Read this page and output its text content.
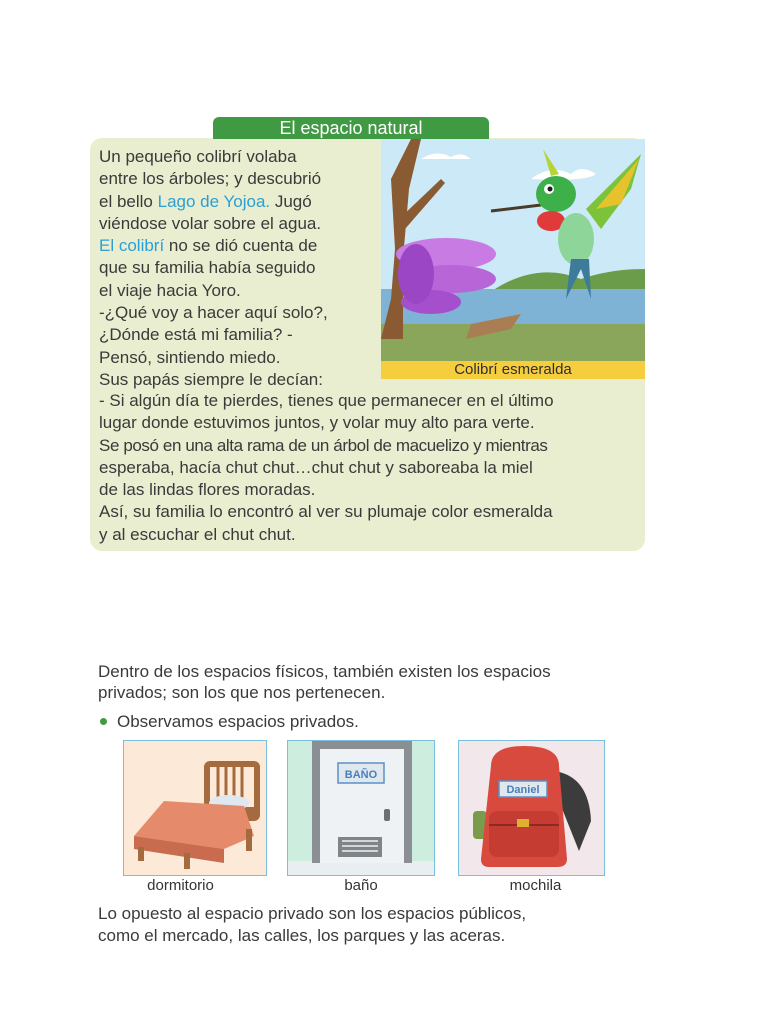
El espacio natural

Un pequeño colibrí volaba

entre los árboles; y descubrió

el bello Lago de Yojoa. Jugó

viéndose volar sobre el agua.

El colibrí no se dió cuenta de

que su familia había seguido

el viaje hacia Yoro.

-¿Qué voy a hacer aquí solo?,

¿Dónde está mi familia? -

Pensó, sintiendo miedo.

Sus papás siempre le decían:

- Si algún día te pierdes, tienes que permanecer en el último

lugar donde estuvimos juntos, y volar muy alto para verte.

Se posó en una alta rama de un árbol de macuelizo y mientras

esperaba, hacía chut chut…chut chut y saboreaba la miel

de las lindas flores moradas.

Así, su familia lo encontró al ver su plumaje color esmeralda

y al escuchar el chut chut.

Colibrí esmeralda

Dentro de los espacios físicos, también existen los espacios

privados; son los que nos pertenecen.

Observamos espacios privados.
dormitorio
BAÑO
baño
Daniel
mochila

Lo opuesto al espacio privado son los espacios públicos,

como el mercado, las calles, los parques y las aceras.
